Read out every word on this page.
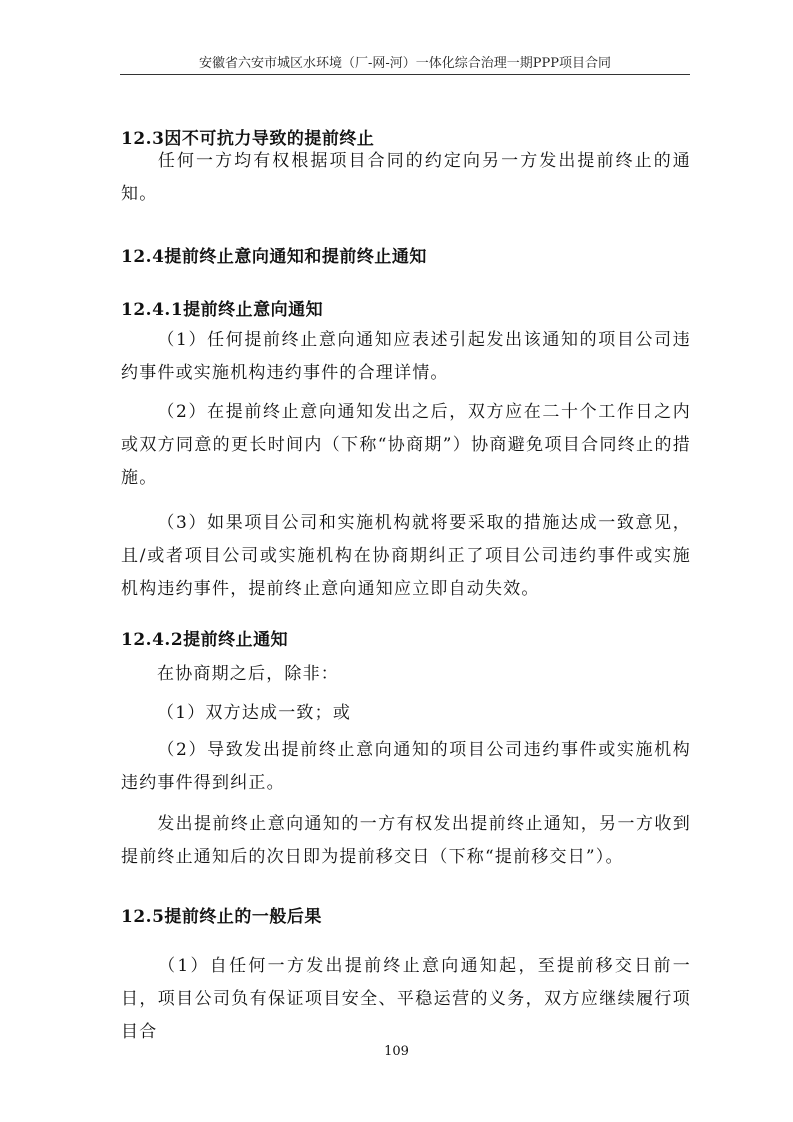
安徽省六安市城区水环境（厂-网-河）一体化综合治理一期PPP项目合同
12.3因不可抗力导致的提前终止

任何一方均有权根据项目合同的约定向另一方发出提前终止的通知。

12.4提前终止意向通知和提前终止通知
12.4.1提前终止意向通知

（1）任何提前终止意向通知应表述引起发出该通知的项目公司违约事件或实施机构违约事件的合理详情。

（2）在提前终止意向通知发出之后，双方应在二十个工作日之内或双方同意的更长时间内（下称“协商期”）协商避免项目合同终止的措施。

（3）如果项目公司和实施机构就将要采取的措施达成一致意见，且/或者项目公司或实施机构在协商期纠正了项目公司违约事件或实施机构违约事件，提前终止意向通知应立即自动失效。

12.4.2提前终止通知

在协商期之后，除非：

（1）双方达成一致；或

（2）导致发出提前终止意向通知的项目公司违约事件或实施机构违约事件得到纠正。

发出提前终止意向通知的一方有权发出提前终止通知，另一方收到提前终止通知后的次日即为提前移交日（下称“提前移交日”）。

12.5提前终止的一般后果

（1）自任何一方发出提前终止意向通知起，至提前移交日前一日，项目公司负有保证项目安全、平稳运营的义务，双方应继续履行项目合

109
